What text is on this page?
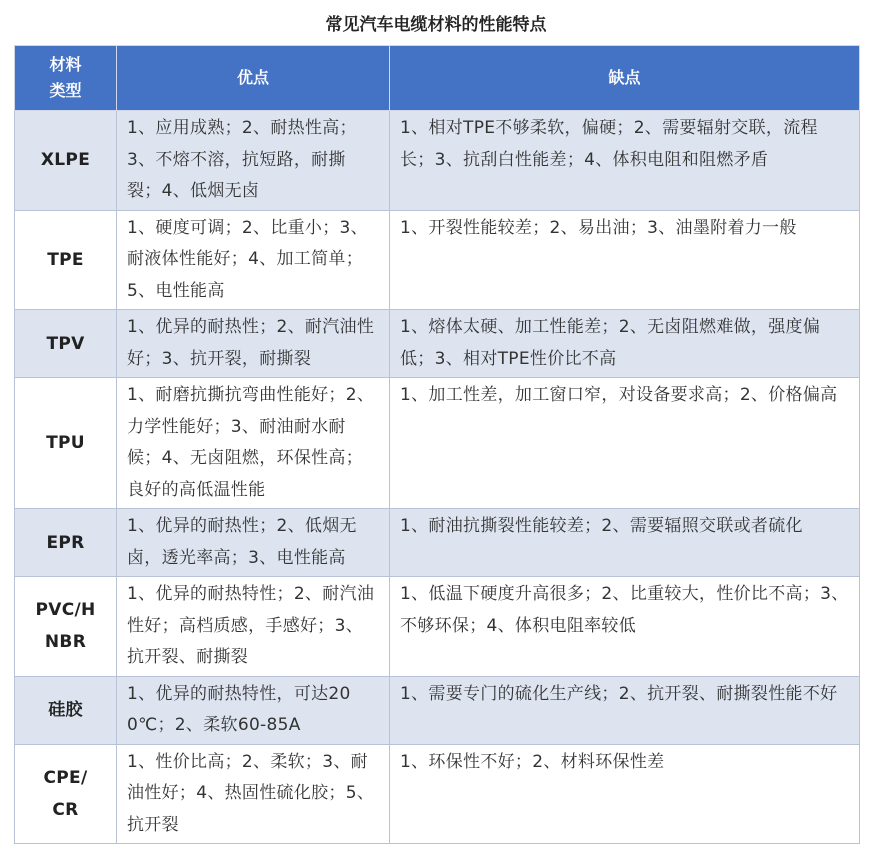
常见汽车电缆材料的性能特点
材料类型	优点	缺点
XLPE	1、应用成熟；2、耐热性高；3、不熔不溶，抗短路，耐撕裂；4、低烟无卤	1、相对TPE不够柔软，偏硬；2、需要辐射交联，流程长；3、抗刮白性能差；4、体积电阻和阻燃矛盾
TPE	1、硬度可调；2、比重小；3、耐液体性能好；4、加工简单；5、电性能高	1、开裂性能较差；2、易出油；3、油墨附着力一般
TPV	1、优异的耐热性；2、耐汽油性好；3、抗开裂，耐撕裂	1、熔体太硬、加工性能差；2、无卤阻燃难做，强度偏低；3、相对TPE性价比不高
TPU	1、耐磨抗撕抗弯曲性能好；2、力学性能好；3、耐油耐水耐候；4、无卤阻燃，环保性高；良好的高低温性能	1、加工性差，加工窗口窄，对设备要求高；2、价格偏高
EPR	1、优异的耐热性；2、低烟无卤，透光率高；3、电性能高	1、耐油抗撕裂性能较差；2、需要辐照交联或者硫化
PVC/HNBR	1、优异的耐热特性；2、耐汽油性好；高档质感，手感好；3、抗开裂、耐撕裂	1、低温下硬度升高很多；2、比重较大，性价比不高；3、不够环保；4、体积电阻率较低
硅胶	1、优异的耐热特性，可达200℃；2、柔软60-85A	1、需要专门的硫化生产线；2、抗开裂、耐撕裂性能不好
CPE/CR	1、性价比高；2、柔软；3、耐油性好；4、热固性硫化胶；5、抗开裂	1、环保性不好；2、材料环保性差
